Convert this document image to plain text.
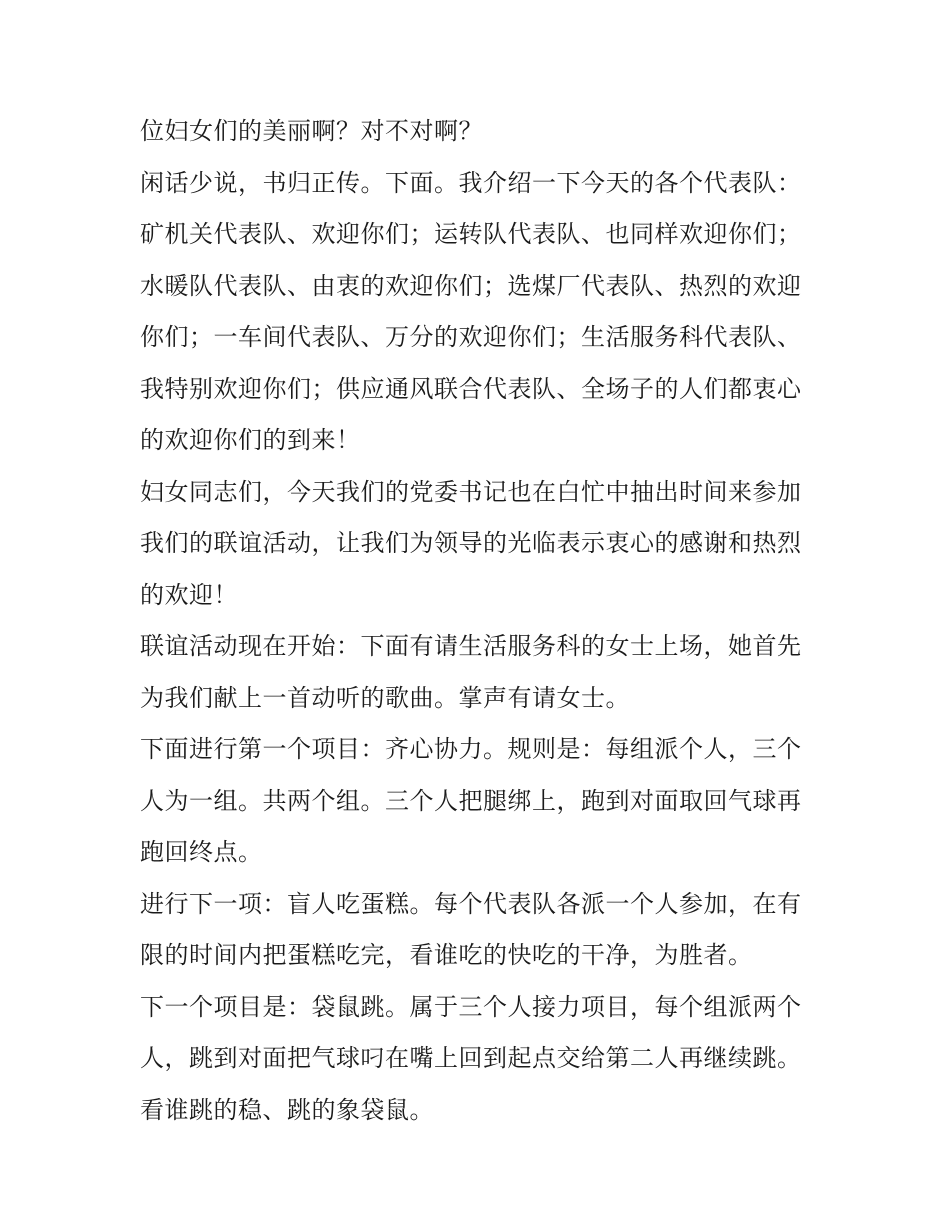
位妇女们的美丽啊？对不对啊？
闲话少说，书归正传。下面。我介绍一下今天的各个代表队：
矿机关代表队、欢迎你们；运转队代表队、也同样欢迎你们；
水暖队代表队、由衷的欢迎你们；选煤厂代表队、热烈的欢迎
你们；一车间代表队、万分的欢迎你们；生活服务科代表队、
我特别欢迎你们；供应通风联合代表队、全场子的人们都衷心
的欢迎你们的到来！
妇女同志们，今天我们的党委书记也在白忙中抽出时间来参加
我们的联谊活动，让我们为领导的光临表示衷心的感谢和热烈
的欢迎！
联谊活动现在开始：下面有请生活服务科的女士上场，她首先
为我们献上一首动听的歌曲。掌声有请女士。
下面进行第一个项目：齐心协力。规则是：每组派个人，三个
人为一组。共两个组。三个人把腿绑上，跑到对面取回气球再
跑回终点。
进行下一项：盲人吃蛋糕。每个代表队各派一个人参加，在有
限的时间内把蛋糕吃完，看谁吃的快吃的干净，为胜者。
下一个项目是：袋鼠跳。属于三个人接力项目，每个组派两个
人，跳到对面把气球叼在嘴上回到起点交给第二人再继续跳。
看谁跳的稳、跳的象袋鼠。
